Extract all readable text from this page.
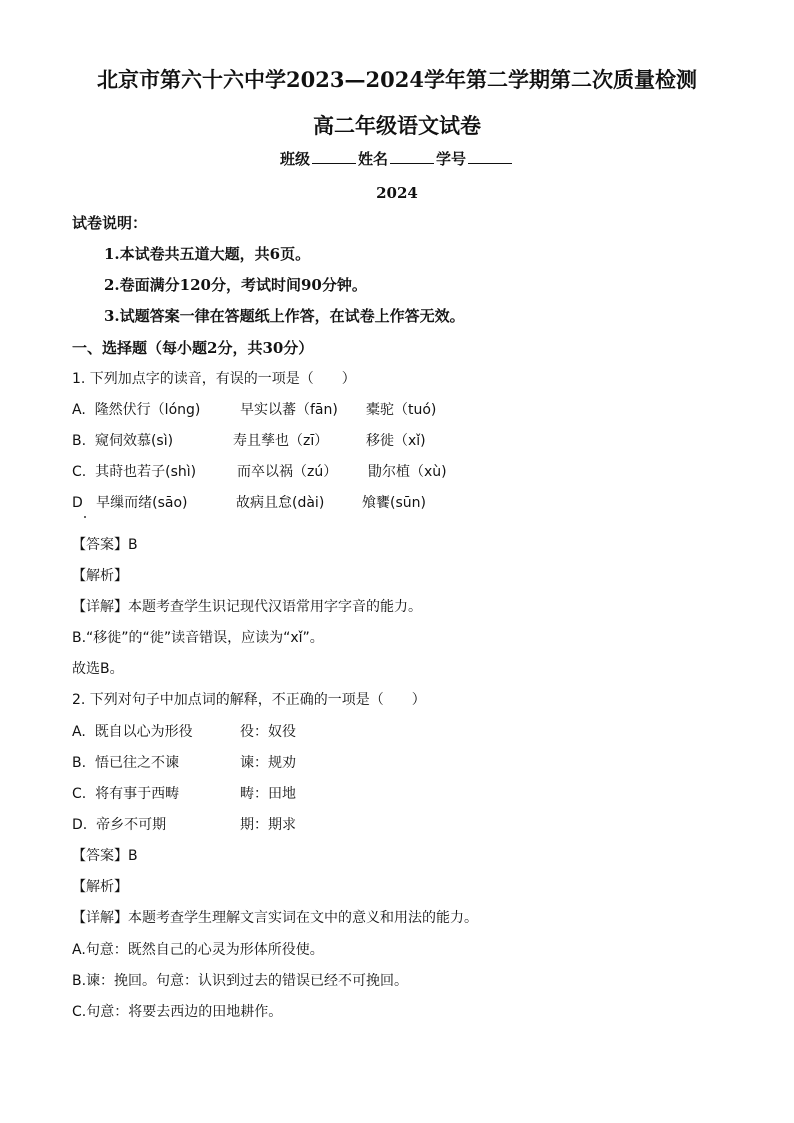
北京市第六十六中学2023—2024学年第二学期第二次质量检测
高二年级语文试卷
班级	姓名	学号
2024
试卷说明：
1.本试卷共五道大题，共6页。
2.卷面满分120分，考试时间90分钟。
3.试题答案一律在答题纸上作答，在试卷上作答无效。
一、选择题（每小题2分，共30分）
1. 下列加点字的读音，有误的一项是（　　）
A. 隆然伏行（lóng)	早实以蕃（fān) 橐驼（tuó)
B. 窥伺效慕(sì)	寿且孳也（zī）	移徙（xǐ)
C. 其莳也若子(shì)	而卒以祸（zú） 勖尔植（xù)
D 早缫而绪(sāo)	故病且怠(dài)	飧饔(sūn)
【答案】B
【解析】
【详解】本题考查学生识记现代汉语常用字字音的能力。
B.“移徙”的“徙”读音错误，应读为“xǐ”。
故选B。
2. 下列对句子中加点词的解释，不正确的一项是（　　）
A. 既自以心为形役	役：奴役
B. 悟已往之不谏	谏：规劝
C. 将有事于西畴	畴：田地
D. 帝乡不可期	期：期求
【答案】B
【解析】
【详解】本题考查学生理解文言实词在文中的意义和用法的能力。
A.句意：既然自己的心灵为形体所役使。
B.谏：挽回。句意：认识到过去的错误已经不可挽回。
C.句意：将要去西边的田地耕作。
